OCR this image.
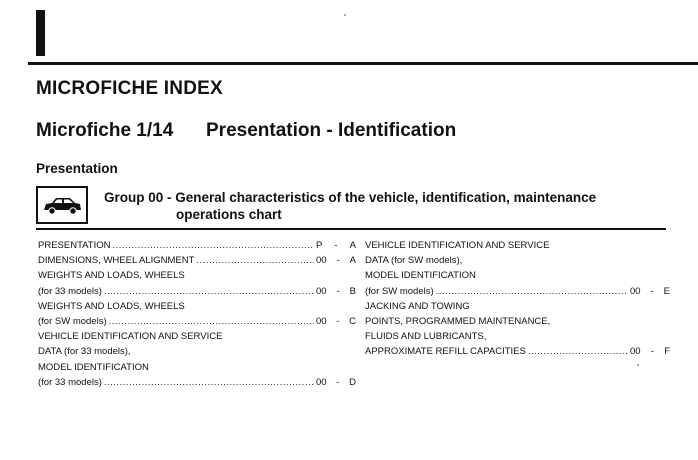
MICROFICHE INDEX
Microfiche 1/14 Presentation - Identification
Presentation
Group 00 - General characteristics of the vehicle, identification, maintenance
operations chart
PRESENTATION .....	P - A
DIMENSIONS, WHEEL ALIGNMENT .....	00 - A
WEIGHTS AND LOADS, WHEELS
(for 33 models) .....	00 - B
WEIGHTS AND LOADS, WHEELS
(for SW models) .....	00 - C
VEHICLE IDENTIFICATION AND SERVICE
DATA (for 33 models),
MODEL IDENTIFICATION
(for 33 models) .....	00 - D
VEHICLE IDENTIFICATION AND SERVICE
DATA (for SW models),
MODEL IDENTIFICATION
(for SW models) .....	00 - E
JACKING AND TOWING
POINTS, PROGRAMMED MAINTENANCE,
FLUIDS AND LUBRICANTS,
APPROXIMATE REFILL CAPACITIES .....	00 - F
